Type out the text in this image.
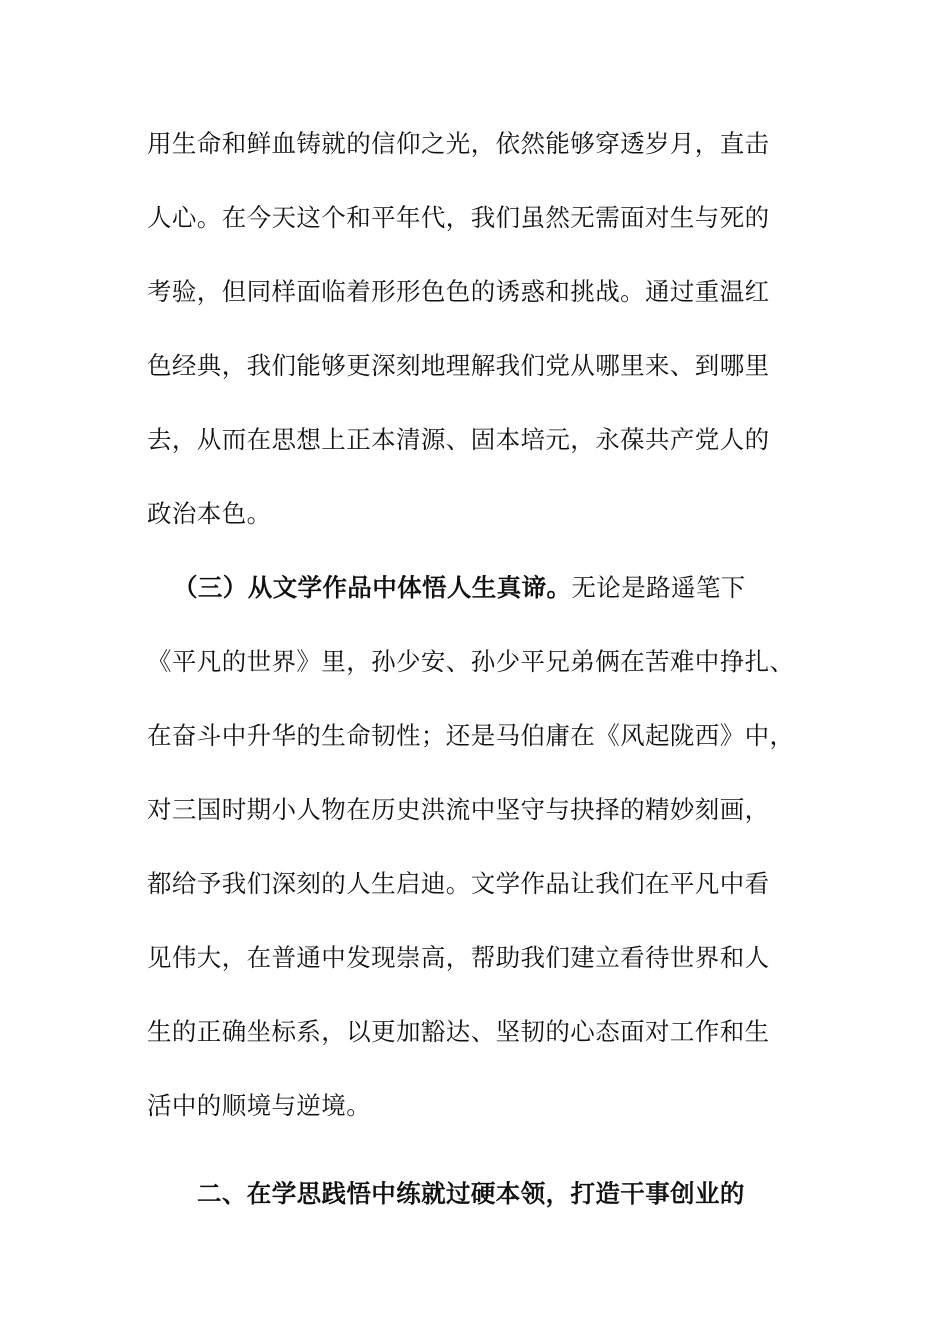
用生命和鲜血铸就的信仰之光，依然能够穿透岁月，直击
人心。在今天这个和平年代，我们虽然无需面对生与死的
考验，但同样面临着形形色色的诱惑和挑战。通过重温红
色经典，我们能够更深刻地理解我们党从哪里来、到哪里
去，从而在思想上正本清源、固本培元，永葆共产党人的
政治本色。
（三）从文学作品中体悟人生真谛。无论是路遥笔下
《平凡的世界》里，孙少安、孙少平兄弟俩在苦难中挣扎、
在奋斗中升华的生命韧性；还是马伯庸在《风起陇西》中，
对三国时期小人物在历史洪流中坚守与抉择的精妙刻画，
都给予我们深刻的人生启迪。文学作品让我们在平凡中看
见伟大，在普通中发现崇高，帮助我们建立看待世界和人
生的正确坐标系，以更加豁达、坚韧的心态面对工作和生
活中的顺境与逆境。
二、在学思践悟中练就过硬本领，打造干事创业的
